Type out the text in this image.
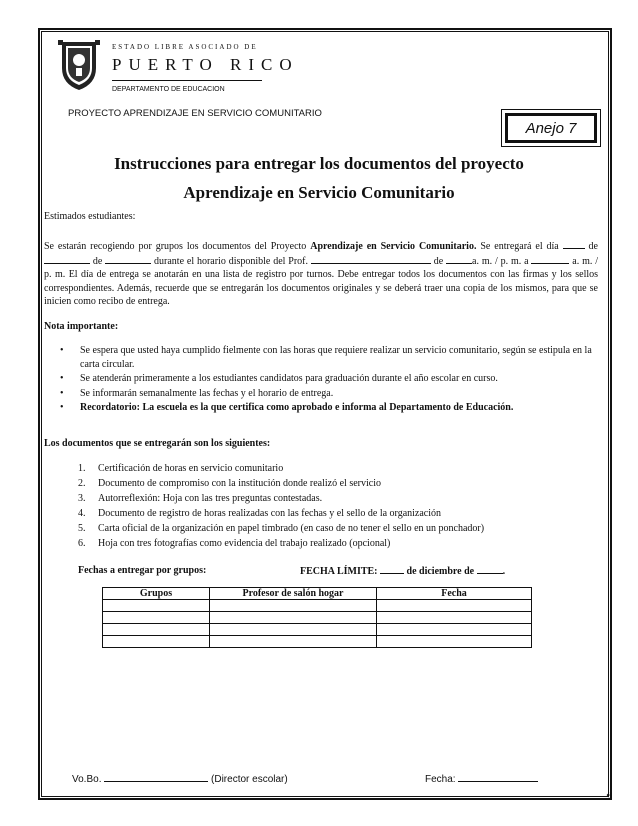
ESTADO LIBRE ASOCIADO DE
PUERTO RICO
DEPARTAMENTO DE EDUCACION
PROYECTO APRENDIZAJE EN SERVICIO COMUNITARIO
Anejo 7
Instrucciones para entregar los documentos del proyecto
Aprendizaje en Servicio Comunitario
Estimados estudiantes:
Se estarán recogiendo por grupos los documentos del Proyecto Aprendizaje en Servicio Comunitario. Se entregará el día	de  de	durante el horario disponible del Prof.	de	a. m. / p. m. a	a. m. / p. m. El día de entrega se anotarán en una lista de registro por turnos. Debe entregar todos los documentos con las firmas y los sellos correspondientes. Además, recuerde que se entregarán los documentos originales y se deberá traer una copia de los mismos, para que se inicien como recibo de entrega.
Nota importante:
• Se espera que usted haya cumplido fielmente con las horas que requiere realizar un servicio comunitario, según se estipula en la carta circular.
• Se atenderán primeramente a los estudiantes candidatos para graduación durante el año escolar en curso.
• Se informarán semanalmente las fechas y el horario de entrega.
• Recordatorio: La escuela es la que certifica como aprobado e informa al Departamento de Educación.
Los documentos que se entregarán son los siguientes:
1. Certificación de horas en servicio comunitario
2. Documento de compromiso con la institución donde realizó el servicio
3. Autorreflexión: Hoja con las tres preguntas contestadas.
4. Documento de registro de horas realizadas con las fechas y el sello de la organización
5. Carta oficial de la organización en papel timbrado (en caso de no tener el sello en un ponchador)
6. Hoja con tres fotografías como evidencia del trabajo realizado (opcional)
Fechas a entregar por grupos:	FECHA LÍMITE:	de diciembre de	.
Grupos	Profesor de salón hogar	Fecha

Vo.Bo.	(Director escolar)	Fecha:
«
